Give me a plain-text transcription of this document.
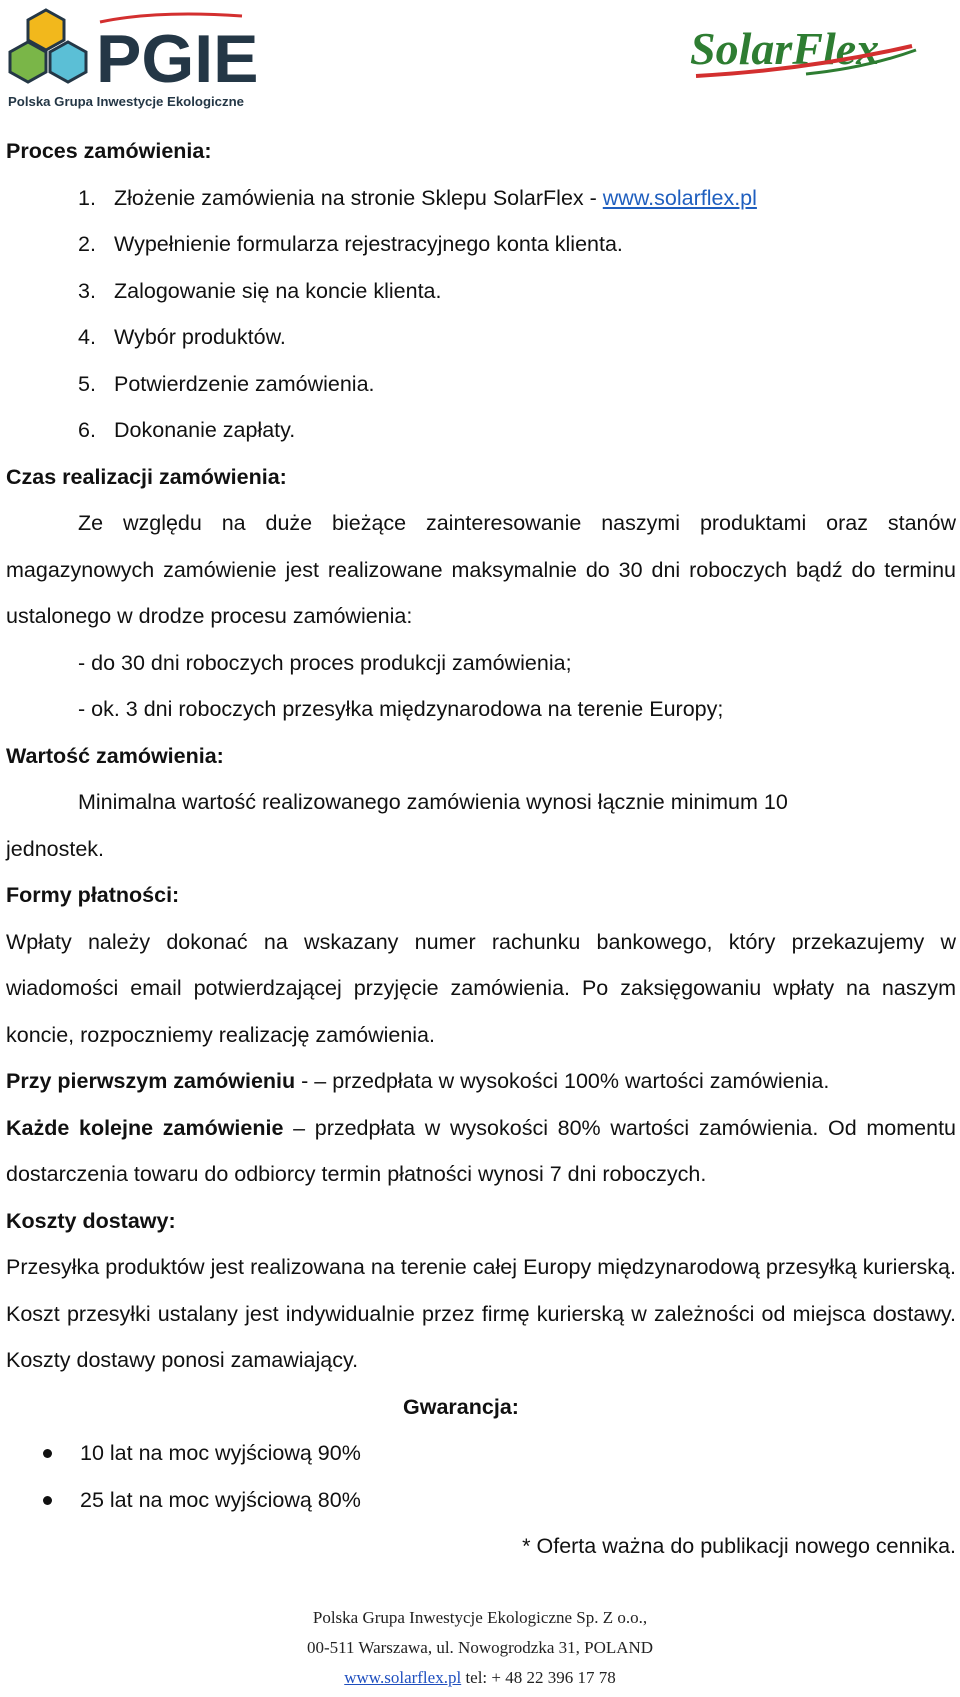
PGIE
Polska Grupa Inwestycje Ekologiczne
SolarFlex

Proces zamówienia:

1. Złożenie zamówienia na stronie Sklepu SolarFlex - www.solarflex.pl
2. Wypełnienie formularza rejestracyjnego konta klienta.
3. Zalogowanie się na koncie klienta.
4. Wybór produktów.
5. Potwierdzenie zamówienia.
6. Dokonanie zapłaty.

Czas realizacji zamówienia:

Ze względu na duże bieżące zainteresowanie naszymi produktami oraz stanów magazynowych zamówienie jest realizowane maksymalnie do 30 dni roboczych bądź do terminu ustalonego w drodze procesu zamówienia:

- do 30 dni roboczych proces produkcji zamówienia;

- ok. 3 dni roboczych przesyłka międzynarodowa na terenie Europy;

Wartość zamówienia:

Minimalna wartość realizowanego zamówienia wynosi łącznie minimum 10 jednostek.

Formy płatności:

Wpłaty należy dokonać na wskazany numer rachunku bankowego, który przekazujemy w wiadomości email potwierdzającej przyjęcie zamówienia. Po zaksięgowaniu wpłaty na naszym koncie, rozpoczniemy realizację zamówienia.

Przy pierwszym zamówieniu - – przedpłata w wysokości 100% wartości zamówienia.

Każde kolejne zamówienie – przedpłata w wysokości 80% wartości zamówienia. Od momentu dostarczenia towaru do odbiorcy termin płatności wynosi 7 dni roboczych.

Koszty dostawy:

Przesyłka produktów jest realizowana na terenie całej Europy międzynarodową przesyłką kurierską. Koszt przesyłki ustalany jest indywidualnie przez firmę kurierską w zależności od miejsca dostawy. Koszty dostawy ponosi zamawiający.

Gwarancja:

10 lat na moc wyjściową 90%
25 lat na moc wyjściową 80%

* Oferta ważna do publikacji nowego cennika.

Polska Grupa Inwestycje Ekologiczne Sp. Z o.o.,
00-511 Warszawa, ul. Nowogrodzka 31, POLAND
www.solarflex.pl tel: + 48 22 396 17 78
